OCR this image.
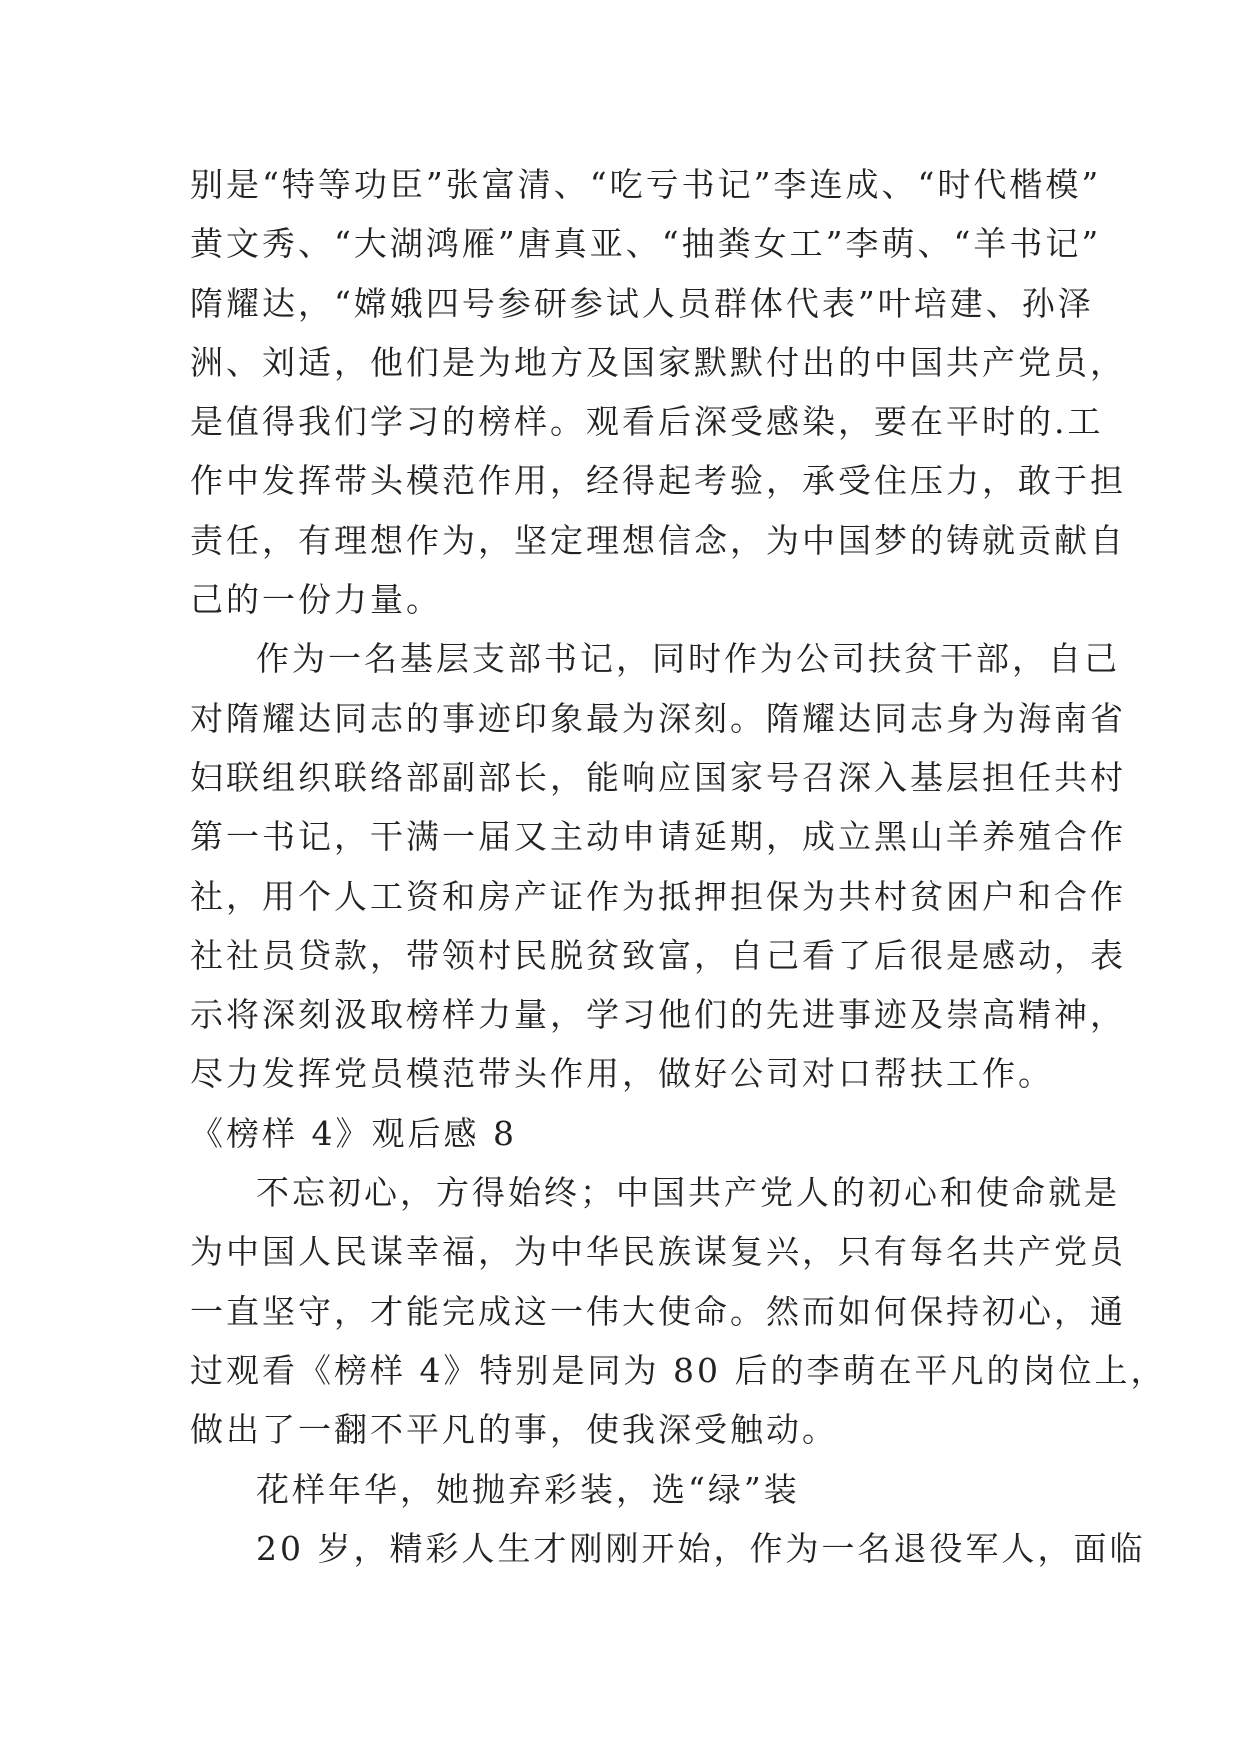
别是“特等功臣”张富清、“吃亏书记”李连成、“时代楷模”
黄文秀、“大湖鸿雁”唐真亚、“抽粪女工”李萌、“羊书记”
隋耀达，“嫦娥四号参研参试人员群体代表”叶培建、孙泽
洲、刘适，他们是为地方及国家默默付出的中国共产党员，
是值得我们学习的榜样。观看后深受感染，要在平时的.工
作中发挥带头模范作用，经得起考验，承受住压力，敢于担
责任，有理想作为，坚定理想信念，为中国梦的铸就贡献自
己的一份力量。
作为一名基层支部书记，同时作为公司扶贫干部，自己
对隋耀达同志的事迹印象最为深刻。隋耀达同志身为海南省
妇联组织联络部副部长，能响应国家号召深入基层担任共村
第一书记，干满一届又主动申请延期，成立黑山羊养殖合作
社，用个人工资和房产证作为抵押担保为共村贫困户和合作
社社员贷款，带领村民脱贫致富，自己看了后很是感动，表
示将深刻汲取榜样力量，学习他们的先进事迹及崇高精神，
尽力发挥党员模范带头作用，做好公司对口帮扶工作。
《榜样 4》观后感 8
不忘初心，方得始终；中国共产党人的初心和使命就是
为中国人民谋幸福，为中华民族谋复兴，只有每名共产党员
一直坚守，才能完成这一伟大使命。然而如何保持初心，通
过观看《榜样 4》特别是同为 80 后的李萌在平凡的岗位上，
做出了一翻不平凡的事，使我深受触动。
花样年华，她抛弃彩装，选“绿”装
20 岁，精彩人生才刚刚开始，作为一名退役军人，面临
